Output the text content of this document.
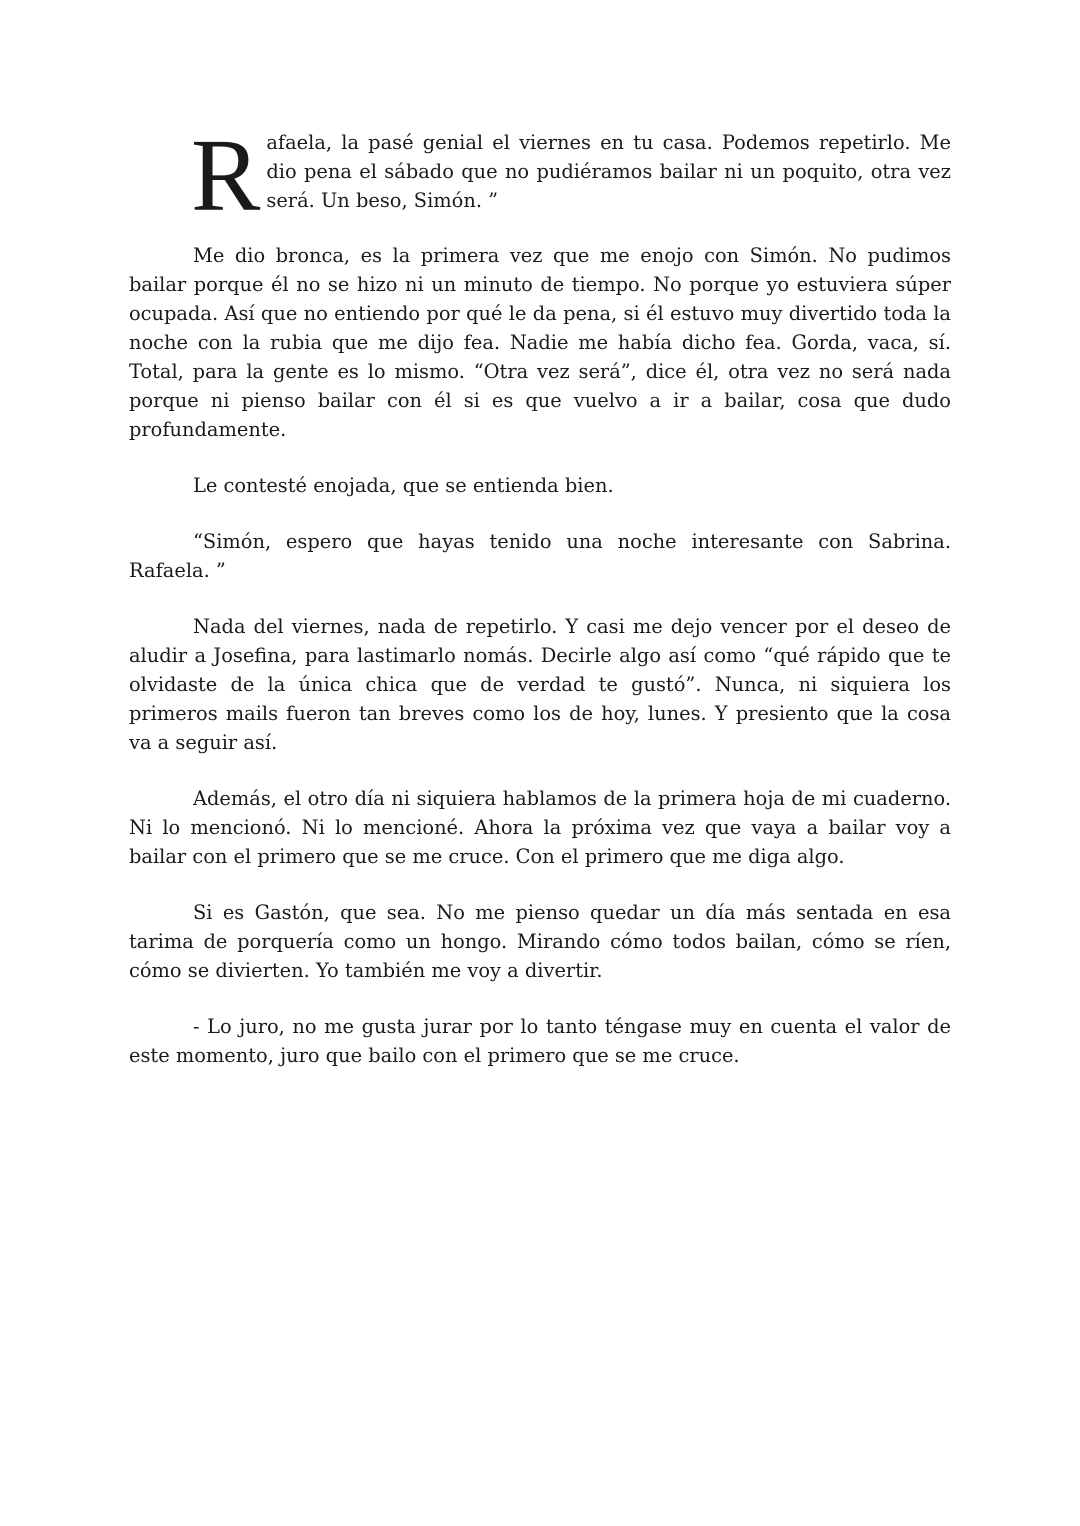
Rafaela, la pasé genial el viernes en tu casa. Podemos repetirlo. Me dio pena el sábado que no pudiéramos bailar ni un poquito, otra vez será. Un beso, Simón. ”

Me dio bronca, es la primera vez que me enojo con Simón. No pudimos bailar porque él no se hizo ni un minuto de tiempo. No porque yo estuviera súper ocupada. Así que no entiendo por qué le da pena, si él estuvo muy divertido toda la noche con la rubia que me dijo fea. Nadie me había dicho fea. Gorda, vaca, sí. Total, para la gente es lo mismo. “Otra vez será”, dice él, otra vez no será nada porque ni pienso bailar con él si es que vuelvo a ir a bailar, cosa que dudo profundamente.

Le contesté enojada, que se entienda bien.

“Simón, espero que hayas tenido una noche interesante con Sabrina. Rafaela. ”

Nada del viernes, nada de repetirlo. Y casi me dejo vencer por el deseo de aludir a Josefina, para lastimarlo nomás. Decirle algo así como “qué rápido que te olvidaste de la única chica que de verdad te gustó”. Nunca, ni siquiera los primeros mails fueron tan breves como los de hoy, lunes. Y presiento que la cosa va a seguir así.

Además, el otro día ni siquiera hablamos de la primera hoja de mi cuaderno. Ni lo mencionó. Ni lo mencioné. Ahora la próxima vez que vaya a bailar voy a bailar con el primero que se me cruce. Con el primero que me diga algo.

Si es Gastón, que sea. No me pienso quedar un día más sentada en esa tarima de porquería como un hongo. Mirando cómo todos bailan, cómo se ríen, cómo se divierten. Yo también me voy a divertir.

- Lo juro, no me gusta jurar por lo tanto téngase muy en cuenta el valor de este momento, juro que bailo con el primero que se me cruce.
